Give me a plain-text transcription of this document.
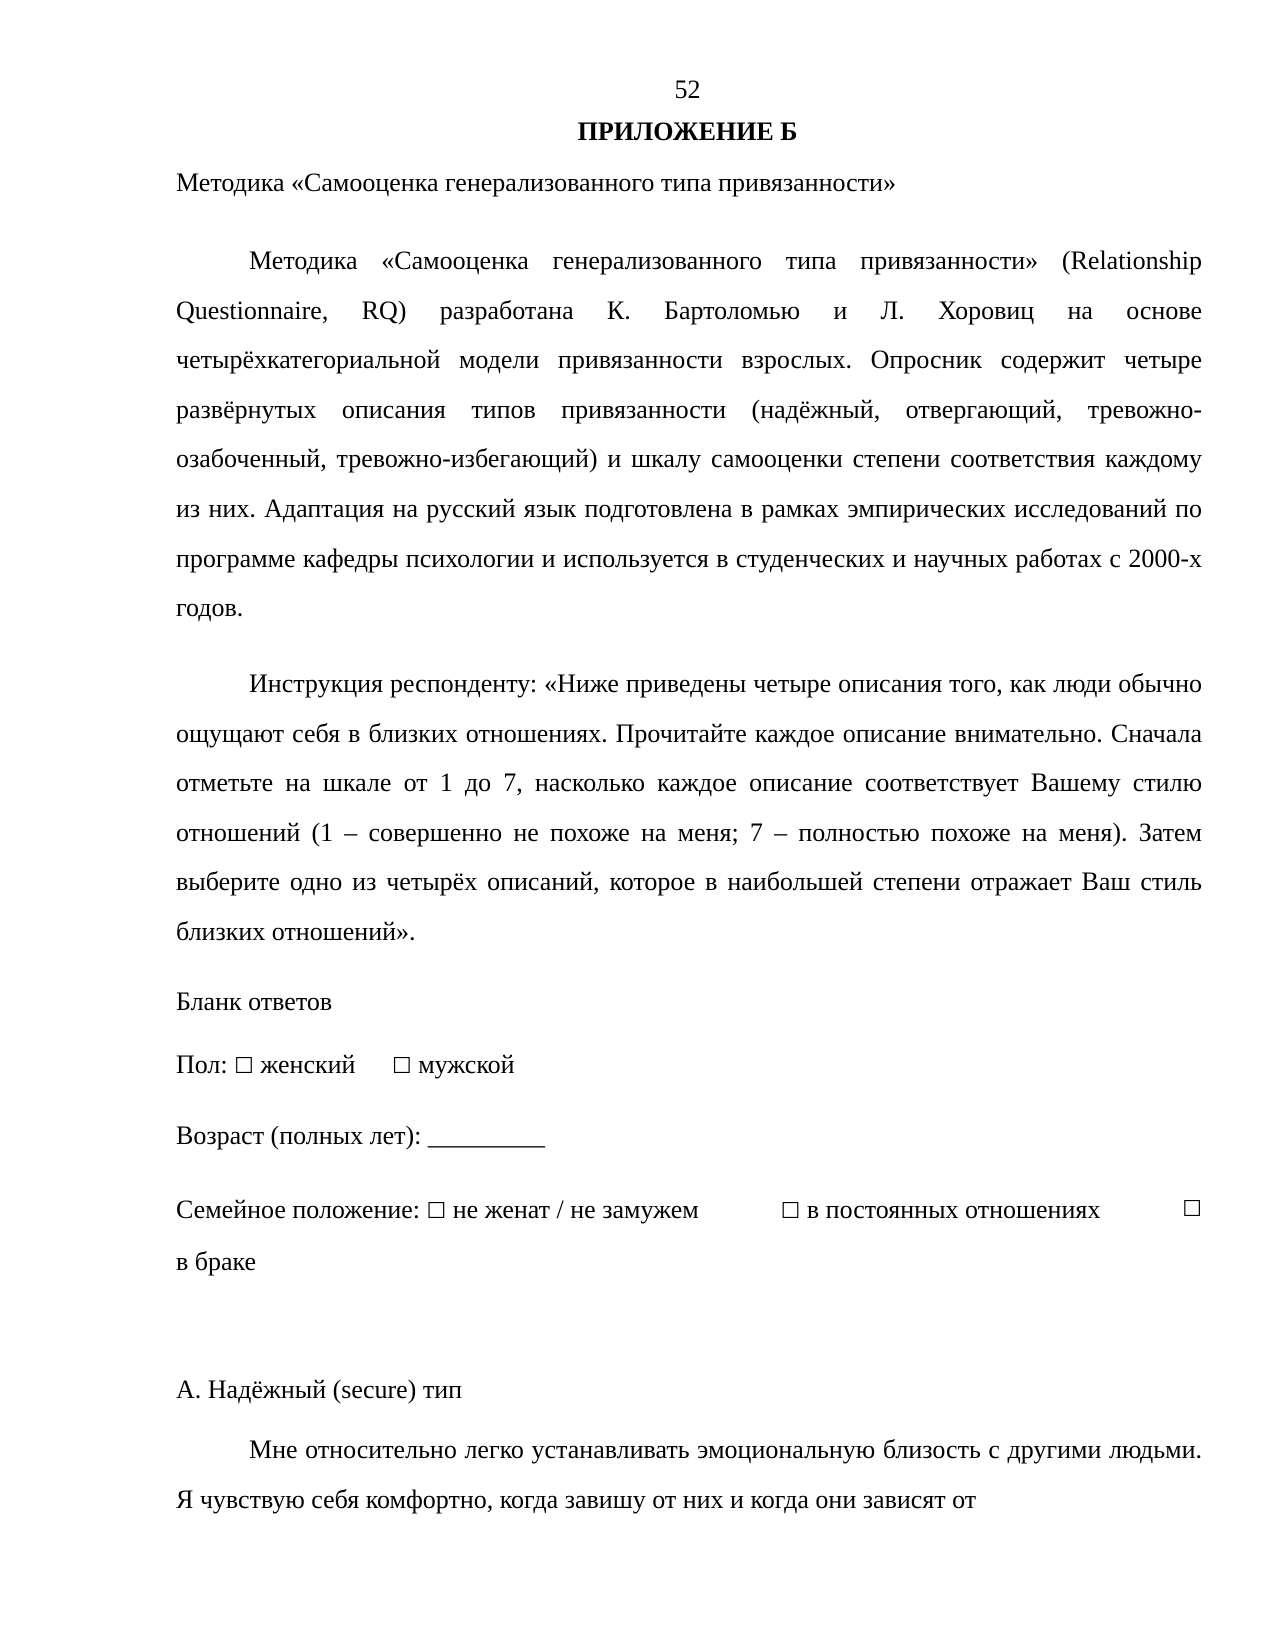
52
ПРИЛОЖЕНИЕ Б
Методика «Самооценка генерализованного типа привязанности»
Методика «Самооценка генерализованного типа привязанности» (Relationship Questionnaire, RQ) разработана К. Бартоломью и Л. Хоровиц на основе четырёхкатегориальной модели привязанности взрослых. Опросник содержит четыре развёрнутых описания типов привязанности (надёжный, отвергающий, тревожно-озабоченный, тревожно-избегающий) и шкалу самооценки степени соответствия каждому из них. Адаптация на русский язык подготовлена в рамках эмпирических исследований по программе кафедры психологии и используется в студенческих и научных работах с 2000-х годов.
Инструкция респонденту: «Ниже приведены четыре описания того, как люди обычно ощущают себя в близких отношениях. Прочитайте каждое описание внимательно. Сначала отметьте на шкале от 1 до 7, насколько каждое описание соответствует Вашему стилю отношений (1 – совершенно не похоже на меня; 7 – полностью похоже на меня). Затем выберите одно из четырёх описаний, которое в наибольшей степени отражает Ваш стиль близких отношений».
Бланк ответов
Пол: ☐ женский ☐ мужской
Возраст (полных лет): _________
Семейное положение: ☐ не женат / не замужем	☐ в постоянных отношениях	☐
в браке
А. Надёжный (secure) тип
Мне относительно легко устанавливать эмоциональную близость с другими людьми. Я чувствую себя комфортно, когда завишу от них и когда они зависят от
